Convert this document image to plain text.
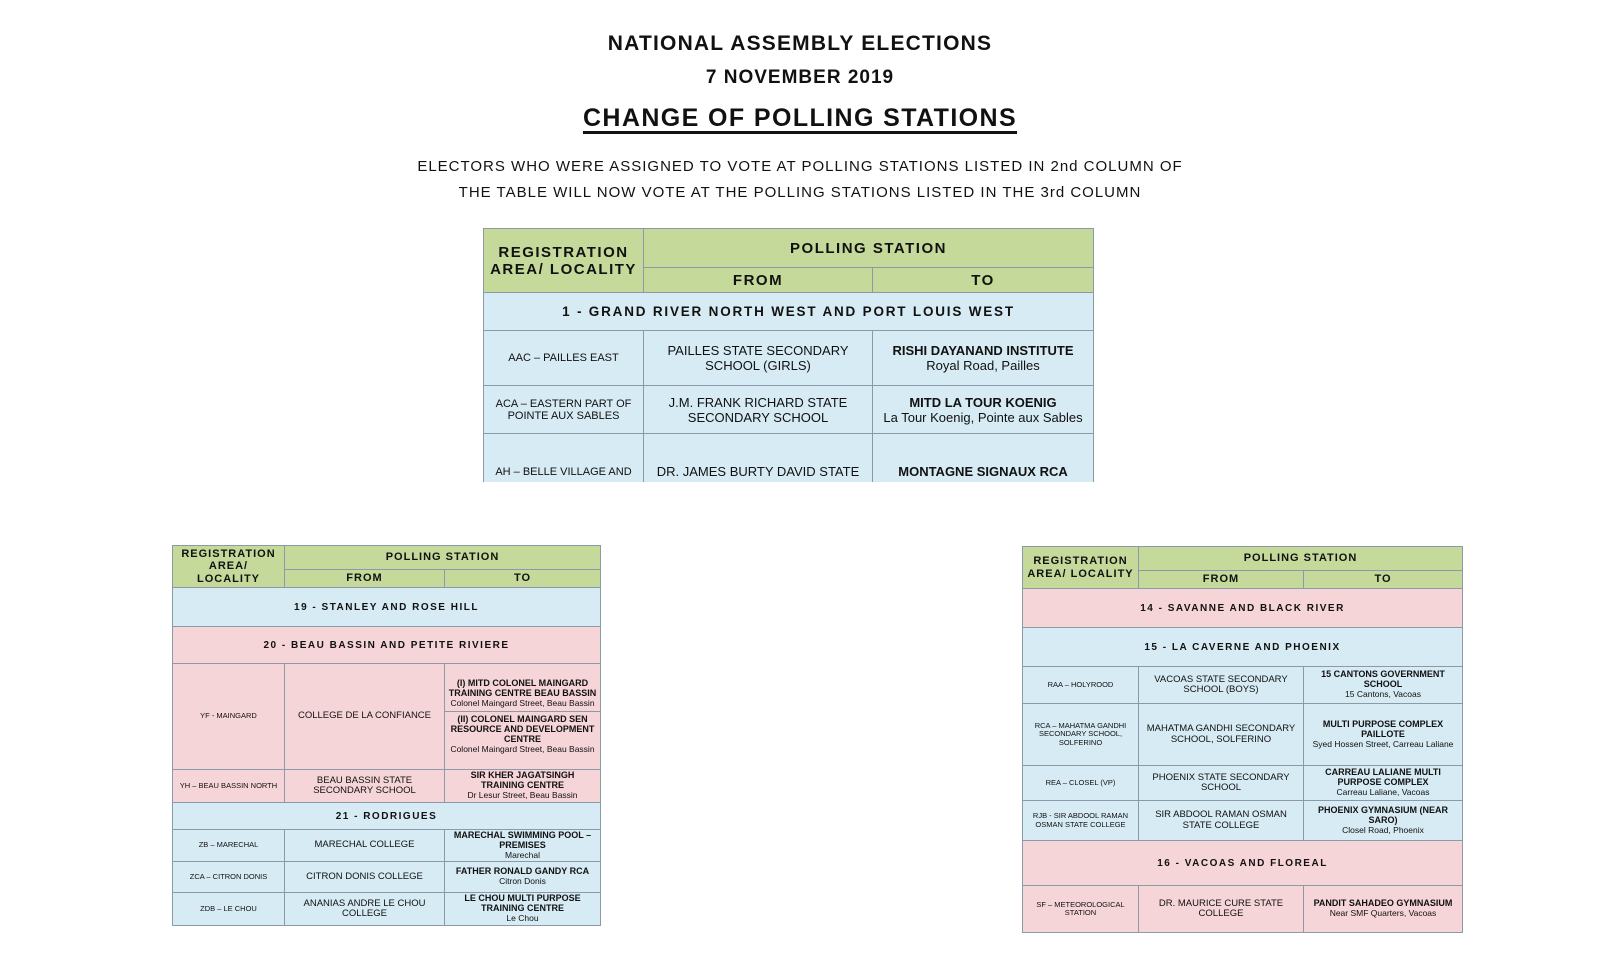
NATIONAL ASSEMBLY ELECTIONS
7 NOVEMBER 2019
CHANGE OF POLLING STATIONS
ELECTORS WHO WERE ASSIGNED TO VOTE AT POLLING STATIONS LISTED IN 2nd COLUMN OF
THE TABLE WILL NOW VOTE AT THE POLLING STATIONS LISTED IN THE 3rd COLUMN
REGISTRATION AREA/ LOCALITY	POLLING STATION	
	FROM	TO
1 - GRAND RIVER NORTH WEST AND PORT LOUIS WEST		
AAC – PAILLES EAST	PAILLES STATE SECONDARY SCHOOL (GIRLS)	RISHI DAYANAND INSTITUTE
Royal Road, Pailles

ACA – EASTERN PART OF POINTE AUX SABLES	J.M. FRANK RICHARD STATE SECONDARY SCHOOL	MITD LA TOUR KOENIG
La Tour Koenig, Pointe aux Sables

AH – BELLE VILLAGE AND	DR. JAMES BURTY DAVID STATE	MONTAGNE SIGNAUX RCA
REGISTRATION AREA/ LOCALITY	POLLING STATION	
	FROM	TO
19 - STANLEY AND ROSE HILL		
20 - BEAU BASSIN AND PETITE RIVIERE		
YF - MAINGARD	COLLEGE DE LA CONFIANCE	(I) MITD COLONEL MAINGARD TRAINING CENTRE BEAU BASSIN
Colonel Maingard Street, Beau Bassin
(II) COLONEL MAINGARD SEN RESOURCE AND DEVELOPMENT CENTRE
Colonel Maingard Street, Beau Bassin

YH – BEAU BASSIN NORTH	BEAU BASSIN STATE SECONDARY SCHOOL	SIR KHER JAGATSINGH TRAINING CENTRE
Dr Lesur Street, Beau Bassin

21 - RODRIGUES		
ZB – MARECHAL	MARECHAL COLLEGE	MARECHAL SWIMMING POOL – PREMISES
Marechal

ZCA – CITRON DONIS	CITRON DONIS COLLEGE	FATHER RONALD GANDY RCA
Citron Donis

ZDB – LE CHOU	ANANIAS ANDRE LE CHOU COLLEGE	LE CHOU MULTI PURPOSE TRAINING CENTRE
Le Chou
REGISTRATION AREA/ LOCALITY	POLLING STATION	
	FROM	TO
14 - SAVANNE AND BLACK RIVER		
15 - LA CAVERNE AND PHOENIX		
RAA – HOLYROOD	VACOAS STATE SECONDARY SCHOOL (BOYS)	15 CANTONS GOVERNMENT SCHOOL
15 Cantons, Vacoas

RCA – MAHATMA GANDHI SECONDARY SCHOOL, SOLFERINO	MAHATMA GANDHI SECONDARY SCHOOL, SOLFERINO	MULTI PURPOSE COMPLEX PAILLOTE
Syed Hossen Street, Carreau Laliane

REA – CLOSEL (VP)	PHOENIX STATE SECONDARY SCHOOL	CARREAU LALIANE MULTI PURPOSE COMPLEX
Carreau Laliane, Vacoas

RJB - SIR ABDOOL RAMAN OSMAN STATE COLLEGE	SIR ABDOOL RAMAN OSMAN STATE COLLEGE	PHOENIX GYMNASIUM (NEAR SARO)
Closel Road, Phoenix

16 - VACOAS AND FLOREAL		
SF – METEOROLOGICAL STATION	DR. MAURICE CURE STATE COLLEGE	PANDIT SAHADEO GYMNASIUM
Near SMF Quarters, Vacoas
